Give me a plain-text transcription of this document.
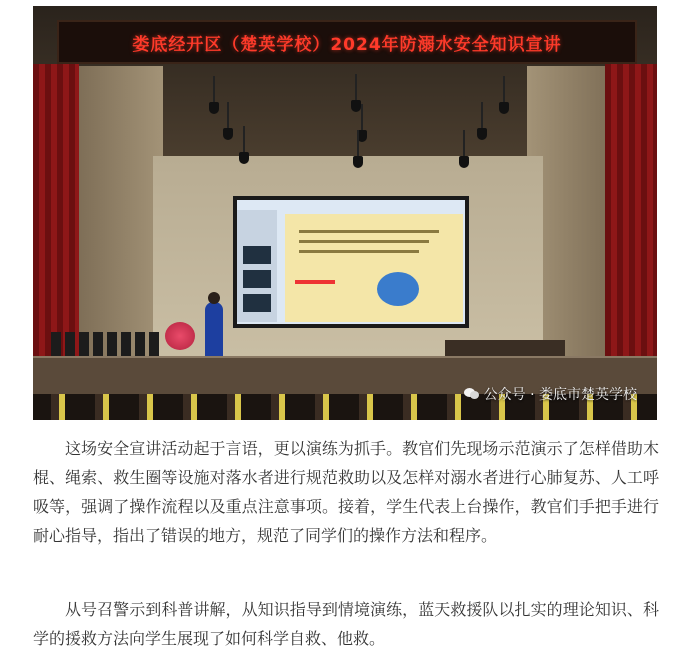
娄底经开区（楚英学校）2024年防溺水安全知识宣讲
公众号 · 娄底市楚英学校

这场安全宣讲活动起于言语，更以演练为抓手。教官们先现场示范演示了怎样借助木棍、绳索、救生圈等设施对落水者进行规范救助以及怎样对溺水者进行心肺复苏、人工呼吸等，强调了操作流程以及重点注意事项。接着，学生代表上台操作，教官们手把手进行耐心指导，指出了错误的地方，规范了同学们的操作方法和程序。

从号召警示到科普讲解，从知识指导到情境演练，蓝天救援队以扎实的理论知识、科学的援救方法向学生展现了如何科学自救、他救。
